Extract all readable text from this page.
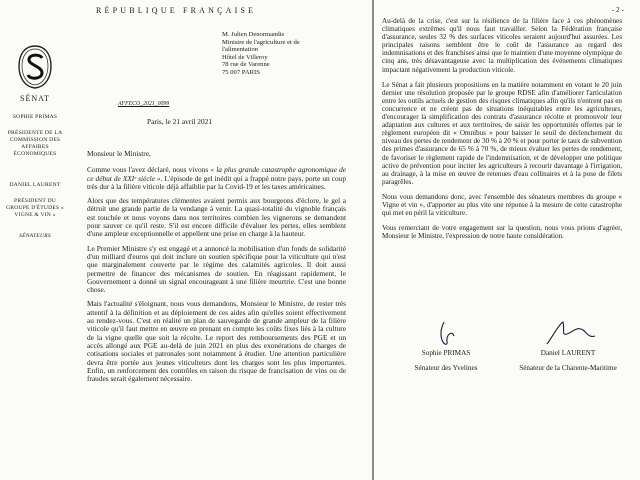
RÉPUBLIQUE FRANÇAISE
SÉNAT

SOPHIE PRIMAS

PRÉSIDENTE DE LA COMMISSION DES AFFAIRES ÉCONOMIQUES

DANIEL LAURENT

PRÉSIDENT DU GROUPE D'ÉTUDES « VIGNE & VIN »

SÉNATEURS

M. Julien Denormandie
Ministre de l'agriculture et de
l'alimentation
Hôtel de Villeroy
78 rue de Varenne
75 007 PARIS
AFFECO_2021_0099
Paris, le 21 avril 2021

Monsieur le Ministre,

Comme vous l'avez déclaré, nous vivons « la plus grande catastrophe agronomique de ce début de XXIᵉ siècle ». L'épisode de gel inédit qui a frappé notre pays, porte un coup très dur à la filière viticole déjà affaiblie par la Covid-19 et les taxes américaines.

Alors que des températures clémentes avaient permis aux bourgeons d'éclore, le gel a détruit une grande partie de la vendange à venir. La quasi-totalité du vignoble français est touchée et nous voyons dans nos territoires combien les vignerons se demandent pour sauver ce qu'il reste. S'il est encore difficile d'évaluer les pertes, elles semblent d'une ampleur exceptionnelle et appellent une prise en charge à la hauteur.

Le Premier Ministre s'y est engagé et a annoncé la mobilisation d'un fonds de solidarité d'un milliard d'euros qui doit inclure un soutien spécifique pour la viticulture qui n'est que marginalement couverte par le régime des calamités agricoles. Il doit aussi permettre de financer des mécanismes de soutien. En réagissant rapidement, le Gouvernement a donné un signal encourageant à une filière meurtrie. C'est une bonne chose.

Mais l'actualité s'éloignant, nous vous demandons, Monsieur le Ministre, de rester très attentif à la définition et au déploiement de ces aides afin qu'elles soient effectivement au rendez-vous. C'est en réalité un plan de sauvegarde de grande ampleur de la filière viticole qu'il faut mettre en œuvre en prenant en compte les coûts fixes liés à la culture de la vigne quelle que soit la récolte. Le report des remboursements des PGE et un accès allongé aux PGE au-delà de juin 2021 en plus des exonérations de charges de cotisations sociales et patronales sont notamment à étudier. Une attention particulière devra être portée aux jeunes viticulteurs dont les charges sont les plus importantes. Enfin, un renforcement des contrôles en raison du risque de francisation de vins ou de fraudes serait également nécessaire.

- 2 -

Au-delà de la crise, c'est sur la résilience de la filière face à ces phénomènes climatiques extrêmes qu'il nous faut travailler. Selon la Fédération française d'assurance, seules 32 % des surfaces viticoles seraient aujourd'hui assurées. Les principales raisons semblent être le coût de l'assurance au regard des indemnisations et des franchises ainsi que le maintien d'une moyenne olympique de cinq ans, très désavantageuse avec la multiplication des événements climatiques impactant négativement la production viticole.

Le Sénat a fait plusieurs propositions en la matière notamment en votant le 20 juin dernier une résolution proposée par le groupe RDSE afin d'améliorer l'articulation entre les outils actuels de gestion des risques climatiques afin qu'ils n'entrent pas en concurrence et ne créent pas de situations inéquitables entre les agriculteurs, d'encourager la simplification des contrats d'assurance récolte et promouvoir leur adaptation aux cultures et aux territoires, de saisir les opportunités offertes par le règlement européen dit « Omnibus » pour baisser le seuil de déclenchement du niveau des pertes de rendement de 30 % à 20 % et pour porter le taux de subvention des primes d'assurance de 65 % à 70 %, de mieux évaluer les pertes de rendement, de favoriser le règlement rapide de l'indemnisation, et de développer une politique active de prévention pour inciter les agriculteurs à recourir davantage à l'irrigation, au drainage, à la mise en œuvre de retenues d'eau collinaires et à la pose de filets paragrêles.

Nous vous demandons donc, avec l'ensemble des sénateurs membres du groupe « Vigne et vin », d'apporter au plus vite une réponse à la mesure de cette catastrophe qui met en péril la viticulture.

Vous remerciant de votre engagement sur la question, nous vous prions d'agréer, Monsieur le Ministre, l'expression de notre haute considération.

Sophie PRIMAS
Sénateur des Yvelines
Daniel LAURENT
Sénateur de la Charente-Maritime
